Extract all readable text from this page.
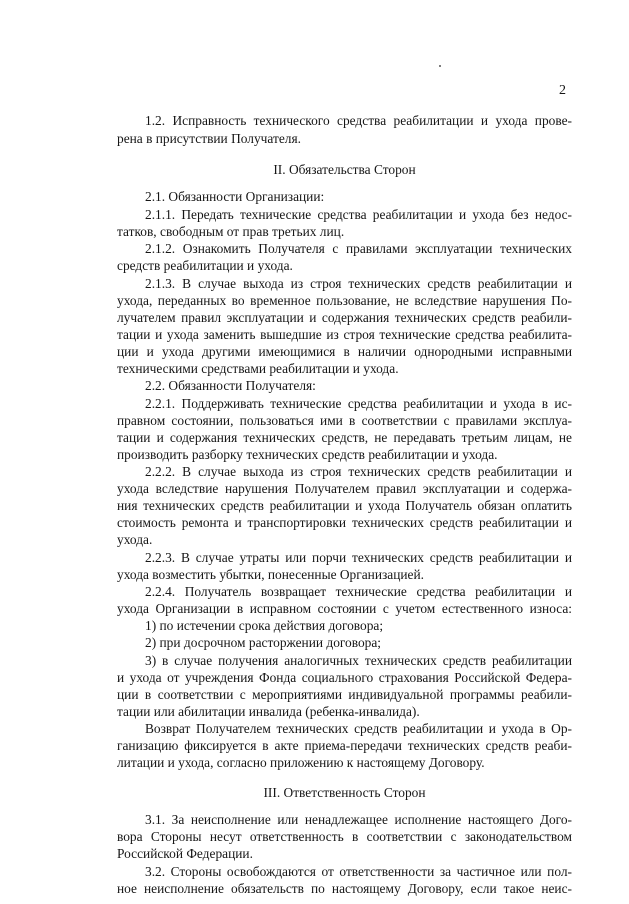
2
1.2. Исправность технического средства реабилитации и ухода прове-
рена в присутствии Получателя.
II. Обязательства Сторон
2.1. Обязанности Организации:
2.1.1. Передать технические средства реабилитации и ухода без недос-
татков, свободным от прав третьих лиц.
2.1.2. Ознакомить Получателя с правилами эксплуатации технических
средств реабилитации и ухода.
2.1.3. В случае выхода из строя технических средств реабилитации и
ухода, переданных во временное пользование, не вследствие нарушения По-
лучателем правил эксплуатации и содержания технических средств реабили-
тации и ухода заменить вышедшие из строя технические средства реабилита-
ции и ухода другими имеющимися в наличии однородными исправными
техническими средствами реабилитации и ухода.
2.2. Обязанности Получателя:
2.2.1. Поддерживать технические средства реабилитации и ухода в ис-
правном состоянии, пользоваться ими в соответствии с правилами эксплуа-
тации и содержания технических средств, не передавать третьим лицам, не
производить разборку технических средств реабилитации и ухода.
2.2.2. В случае выхода из строя технических средств реабилитации и
ухода вследствие нарушения Получателем правил эксплуатации и содержа-
ния технических средств реабилитации и ухода Получатель обязан оплатить
стоимость ремонта и транспортировки технических средств реабилитации и
ухода.
2.2.3. В случае утраты или порчи технических средств реабилитации и
ухода возместить убытки, понесенные Организацией.
2.2.4. Получатель возвращает технические средства реабилитации и
ухода Организации в исправном состоянии с учетом естественного износа:
1) по истечении срока действия договора;
2) при досрочном расторжении договора;
3) в случае получения аналогичных технических средств реабилитации
и ухода от учреждения Фонда социального страхования Российской Федера-
ции в соответствии с мероприятиями индивидуальной программы реабили-
тации или абилитации инвалида (ребенка-инвалида).
Возврат Получателем технических средств реабилитации и ухода в Ор-
ганизацию фиксируется в акте приема-передачи технических средств реаби-
литации и ухода, согласно приложению к настоящему Договору.
III. Ответственность Сторон
3.1. За неисполнение или ненадлежащее исполнение настоящего Дого-
вора Стороны несут ответственность в соответствии с законодательством
Российской Федерации.
3.2. Стороны освобождаются от ответственности за частичное или пол-
ное неисполнение обязательств по настоящему Договору, если такое неис-
